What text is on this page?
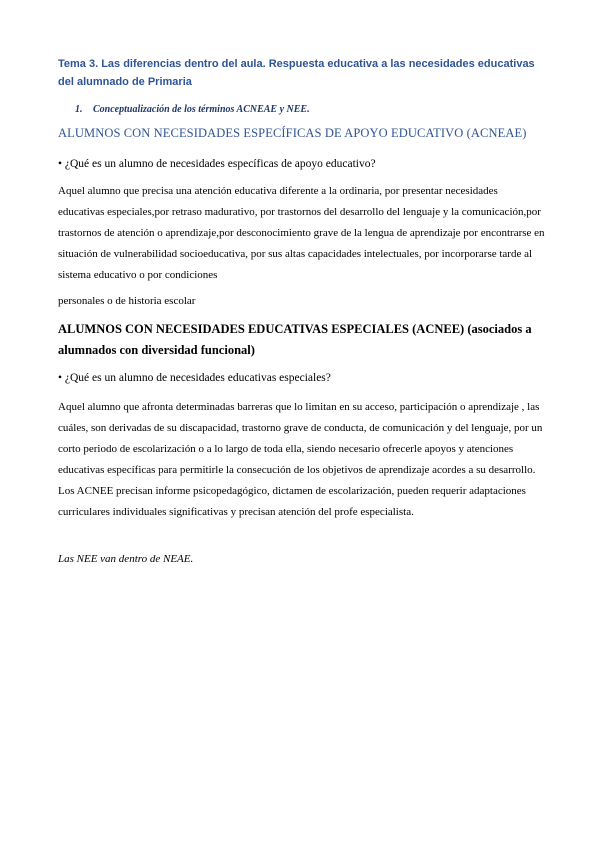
Tema 3. Las diferencias dentro del aula. Respuesta educativa a las necesidades educativas del alumnado de Primaria
1.	Conceptualización de los términos ACNEAE y NEE.
ALUMNOS CON NECESIDADES ESPECÍFICAS DE APOYO EDUCATIVO (ACNEAE)
• ¿Qué es un alumno de necesidades específicas de apoyo educativo?
Aquel alumno que precisa una atención educativa diferente a la ordinaria, por presentar necesidades educativas especiales,por retraso madurativo, por trastornos del desarrollo del lenguaje y la comunicación,por trastornos de atención o aprendizaje,por desconocimiento grave de la lengua de aprendizaje por encontrarse en situación de vulnerabilidad socioeducativa, por sus altas capacidades intelectuales, por incorporarse tarde al sistema educativo o por condiciones
personales o de historia escolar
ALUMNOS CON NECESIDADES EDUCATIVAS ESPECIALES (ACNEE) (asociados a alumnados con diversidad funcional)
• ¿Qué es un alumno de necesidades educativas especiales?
Aquel alumno que afronta determinadas barreras que lo limitan en su acceso, participación o aprendizaje , las cuáles, son derivadas de su discapacidad, trastorno grave de conducta, de comunicación y del lenguaje, por un corto periodo de escolarización o a lo largo de toda ella, siendo necesario ofrecerle apoyos y atenciones educativas específicas para permitirle la consecución de los objetivos de aprendizaje acordes a su desarrollo. Los ACNEE precisan informe psicopedagógico, dictamen de escolarización, pueden requerir adaptaciones curriculares individuales significativas y precisan atención del profe especialista.
Las NEE van dentro de NEAE.
